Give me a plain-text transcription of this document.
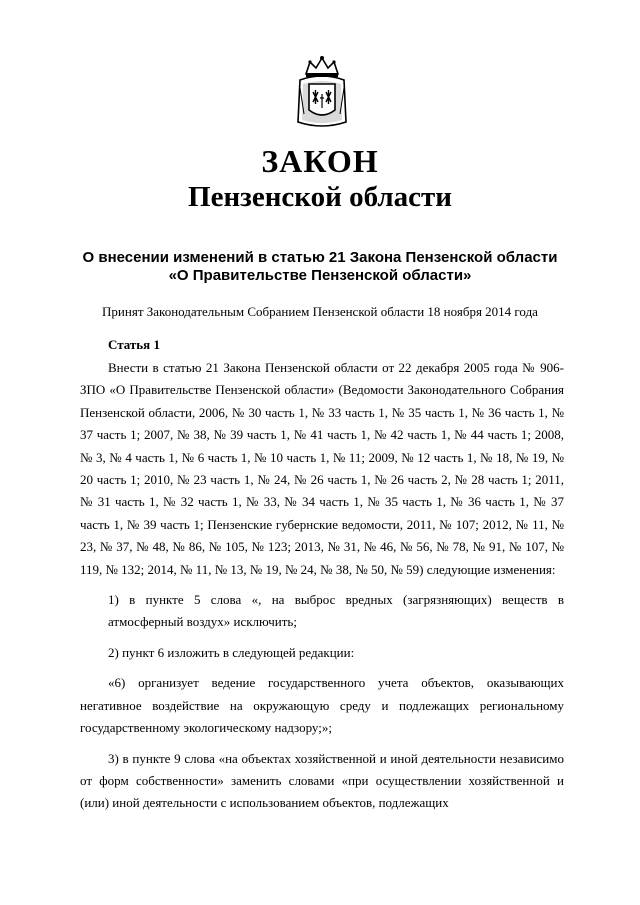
ЗАКОН
Пензенской области
О внесении изменений в статью 21 Закона Пензенской области
«О Правительстве Пензенской области»
Принят Законодательным Собранием Пензенской области 18 ноября 2014 года
Статья 1

Внести в статью 21 Закона Пензенской области от 22 декабря 2005 года № 906-ЗПО «О Правительстве Пензенской области» (Ведомости Законодательного Собрания Пензенской области, 2006, № 30 часть 1, № 33 часть 1, № 35 часть 1, № 36 часть 1, № 37 часть 1; 2007, № 38, № 39 часть 1, № 41 часть 1, № 42 часть 1, № 44 часть 1; 2008, № 3, № 4 часть 1, № 6 часть 1, № 10 часть 1, № 11; 2009, № 12 часть 1, № 18, № 19, № 20 часть 1; 2010, № 23 часть 1, № 24, № 26 часть 1, № 26 часть 2, № 28 часть 1; 2011, № 31 часть 1, № 32 часть 1, № 33, № 34 часть 1, № 35 часть 1, № 36 часть 1, № 37 часть 1, № 39 часть 1; Пензенские губернские ведомости, 2011, № 107; 2012, № 11, № 23, № 37, № 48, № 86, № 105, № 123; 2013, № 31, № 46, № 56, № 78, № 91, № 107, № 119, № 132; 2014, № 11, № 13, № 19, № 24, № 38, № 50, № 59) следующие изменения:

1) в пункте 5 слова «, на выброс вредных (загрязняющих) веществ в атмосферный воздух» исключить;

2) пункт 6 изложить в следующей редакции:

«6) организует ведение государственного учета объектов, оказывающих негативное воздействие на окружающую среду и подлежащих региональному государственному экологическому надзору;»;

3) в пункте 9 слова «на объектах хозяйственной и иной деятельности независимо от форм собственности» заменить словами «при осуществлении хозяйственной и (или) иной деятельности с использованием объектов, подлежащих
